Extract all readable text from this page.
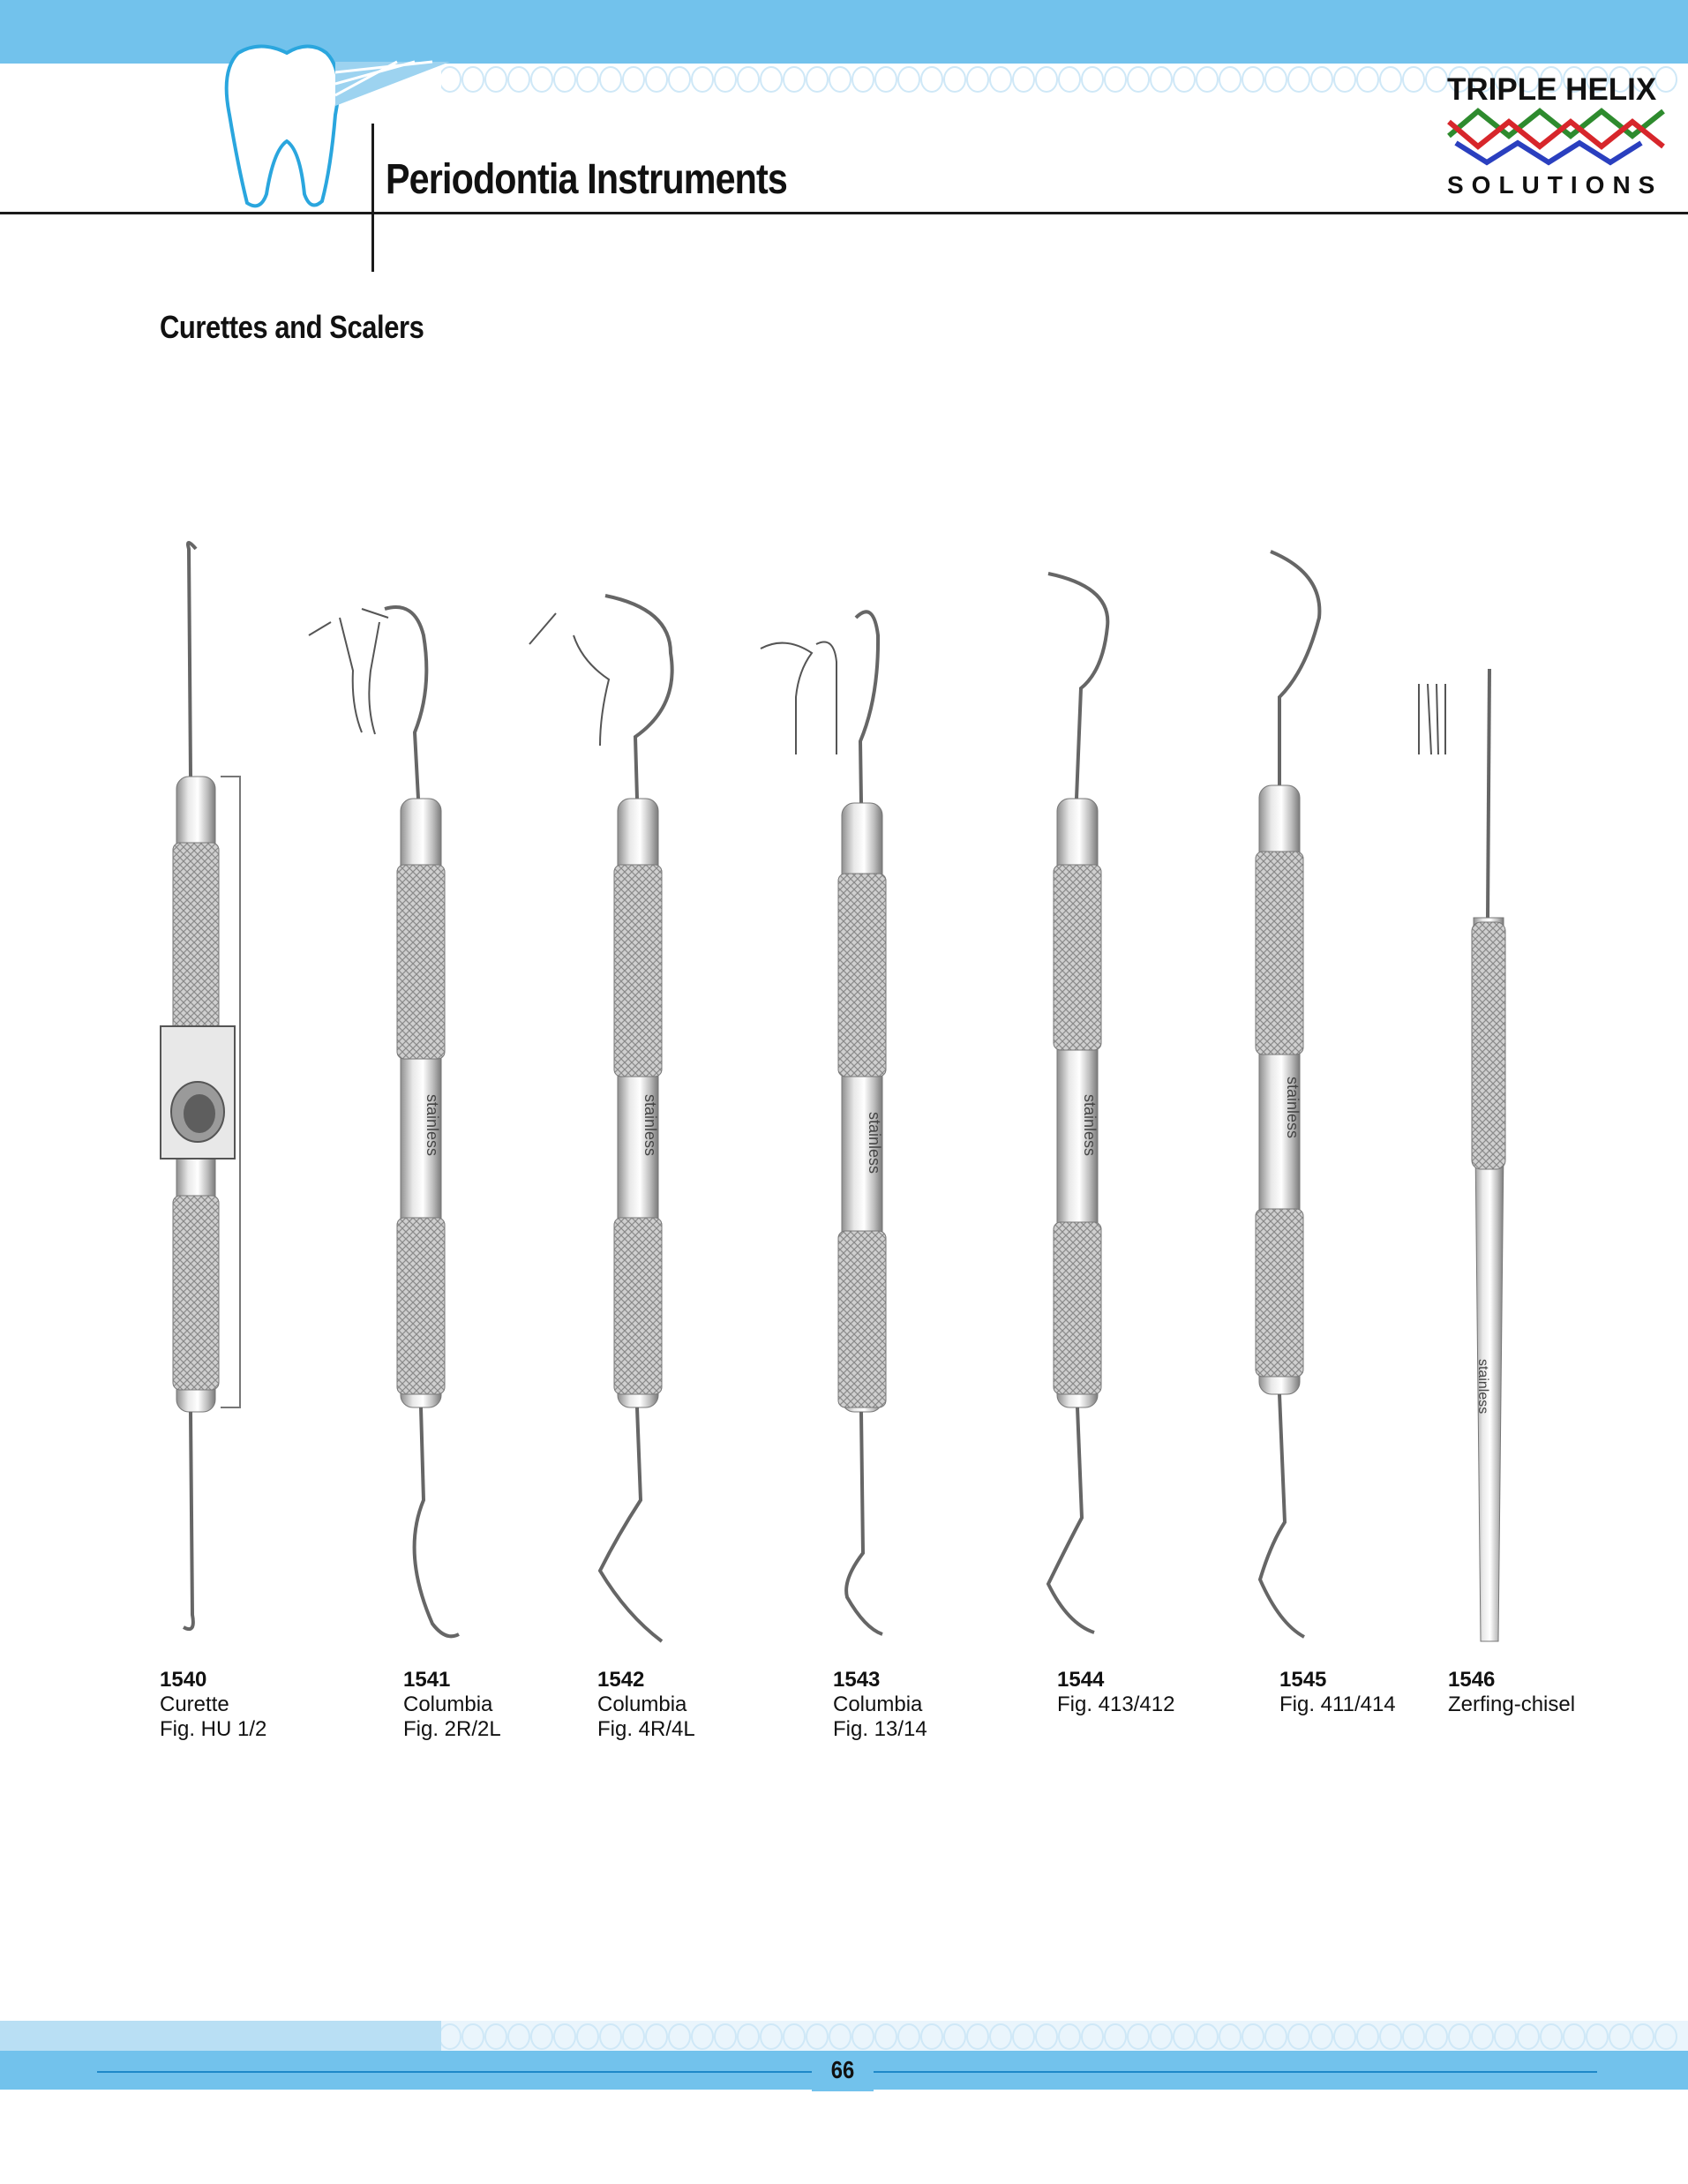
Periodontia Instruments
TRIPLE HELIX
SOLUTIONS
Curettes and Scalers
stainless	stainless	stainless	stainless	stainless
stainless
1540
Curette
Fig. HU 1/2
1541
Columbia
Fig. 2R/2L
1542
Columbia
Fig. 4R/4L
1543
Columbia
Fig. 13/14
1544
Fig. 413/412
1545
Fig. 411/414
1546
Zerfing-chisel
66
